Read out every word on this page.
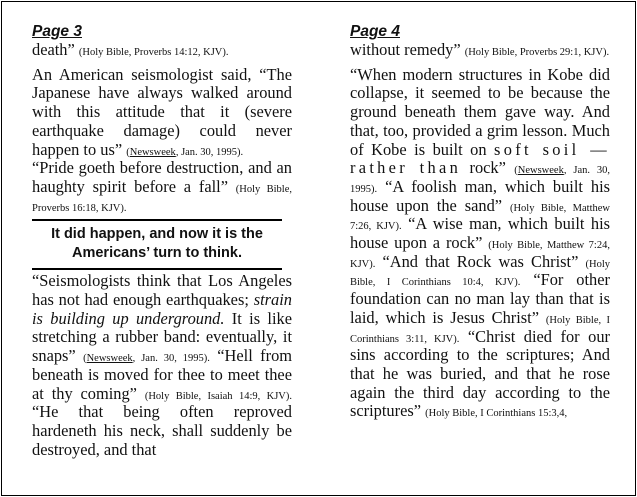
Page 3

death” (Holy Bible, Proverbs 14:12, KJV).

An American seismologist said, “The Japanese have always walked around with this attitude that it (severe earthquake damage) could never happen to us” (Newsweek, Jan. 30, 1995).

“Pride goeth before destruction, and an haughty spirit before a fall” (Holy Bible, Proverbs 16:18, KJV).

It did happen, and now it is the Americans’ turn to think.

“Seismologists think that Los Angeles has not had enough earthquakes; strain is building up underground. It is like stretching a rubber band: eventually, it snaps” (Newsweek, Jan. 30, 1995). “Hell from beneath is moved for thee to meet thee at thy coming” (Holy Bible, Isaiah 14:9, KJV). “He that being often reproved hardeneth his neck, shall suddenly be destroyed, and that

Page 4

without remedy” (Holy Bible, Proverbs 29:1, KJV).

“When modern structures in Kobe did collapse, it seemed to be because the ground beneath them gave way. And that, too, provided a grim lesson. Much of Kobe is built on soft soil — rather than rock” (Newsweek, Jan. 30, 1995). “A foolish man, which built his house upon the sand” (Holy Bible, Matthew 7:26, KJV). “A wise man, which built his house upon a rock” (Holy Bible, Matthew 7:24, KJV). “And that Rock was Christ” (Holy Bible, I Corinthians 10:4, KJV). “For other foundation can no man lay than that is laid, which is Jesus Christ” (Holy Bible, I Corinthians 3:11, KJV). “Christ died for our sins according to the scriptures; And that he was buried, and that he rose again the third day according to the scriptures” (Holy Bible, I Corinthians 15:3,4,
